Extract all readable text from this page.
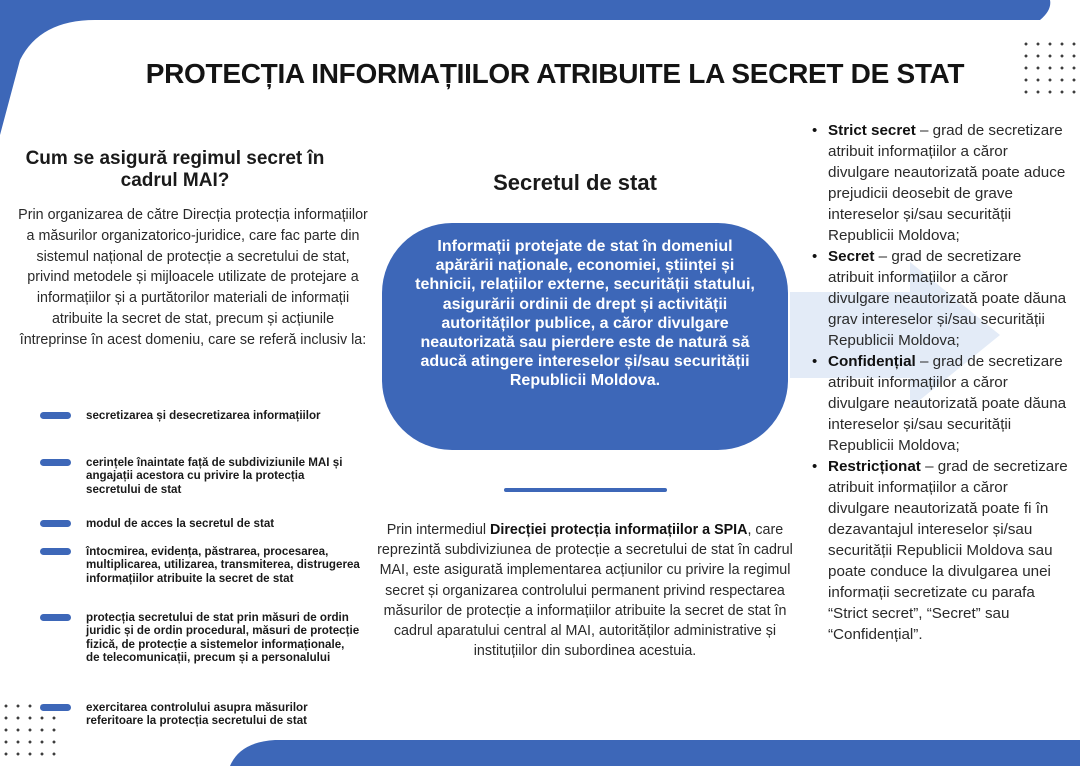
PROTECȚIA INFORMAȚIILOR ATRIBUITE LA SECRET DE STAT
Cum se asigură regimul secret în cadrul MAI?
Prin organizarea de către Direcția protecția informațiilor a măsurilor organizatorico-juridice, care fac parte din sistemul național de protecție a secretului de stat, privind metodele și mijloacele utilizate de protejare a informațiilor și a purtătorilor materiali de informații atribuite la secret de stat, precum și acțiunile întreprinse în acest domeniu, care se referă inclusiv la:
secretizarea și desecretizarea informațiilor
cerințele înaintate față de subdiviziunile MAI și angajații acestora cu privire la protecția secretului de stat
modul de acces la secretul de stat
întocmirea, evidența, păstrarea, procesarea, multiplicarea, utilizarea, transmiterea, distrugerea informațiilor atribuite la secret de stat
protecția secretului de stat prin măsuri de ordin juridic și de ordin procedural, măsuri de protecție fizică, de protecție a sistemelor informaționale, de telecomunicații, precum și a personalului
exercitarea controlului asupra măsurilor referitoare la protecția secretului de stat
Secretul de stat
Informații protejate de stat în domeniul apărării naționale, economiei, științei și tehnicii, relațiilor externe, securității statului, asigurării ordinii de drept și activității autorităților publice, a căror divulgare neautorizată sau pierdere este de natură să aducă atingere intereselor și/sau securității Republicii Moldova.
Prin intermediul Direcției protecția informațiilor a SPIA, care reprezintă subdiviziunea de protecție a secretului de stat în cadrul MAI, este asigurată implementarea acțiunilor cu privire la regimul secret și organizarea controlului permanent privind respectarea măsurilor de protecție a informațiilor atribuite la secret de stat în cadrul aparatului central al MAI, autorităților administrative și instituțiilor din subordinea acestuia.
• Strict secret – grad de secretizare atribuit informațiilor a căror divulgare neautorizată poate aduce prejudicii deosebit de grave intereselor și/sau securității Republicii Moldova;
• Secret – grad de secretizare atribuit informațiilor a căror divulgare neautorizată poate dăuna grav intereselor și/sau securității Republicii Moldova;
• Confidențial – grad de secretizare atribuit informațiilor a căror divulgare neautorizată poate dăuna intereselor și/sau securității Republicii Moldova;
• Restricționat – grad de secretizare atribuit informațiilor a căror divulgare neautorizată poate fi în dezavantajul intereselor și/sau securității Republicii Moldova sau poate conduce la divulgarea unei informații secretizate cu parafa “Strict secret”, “Secret” sau “Confidențial”.
